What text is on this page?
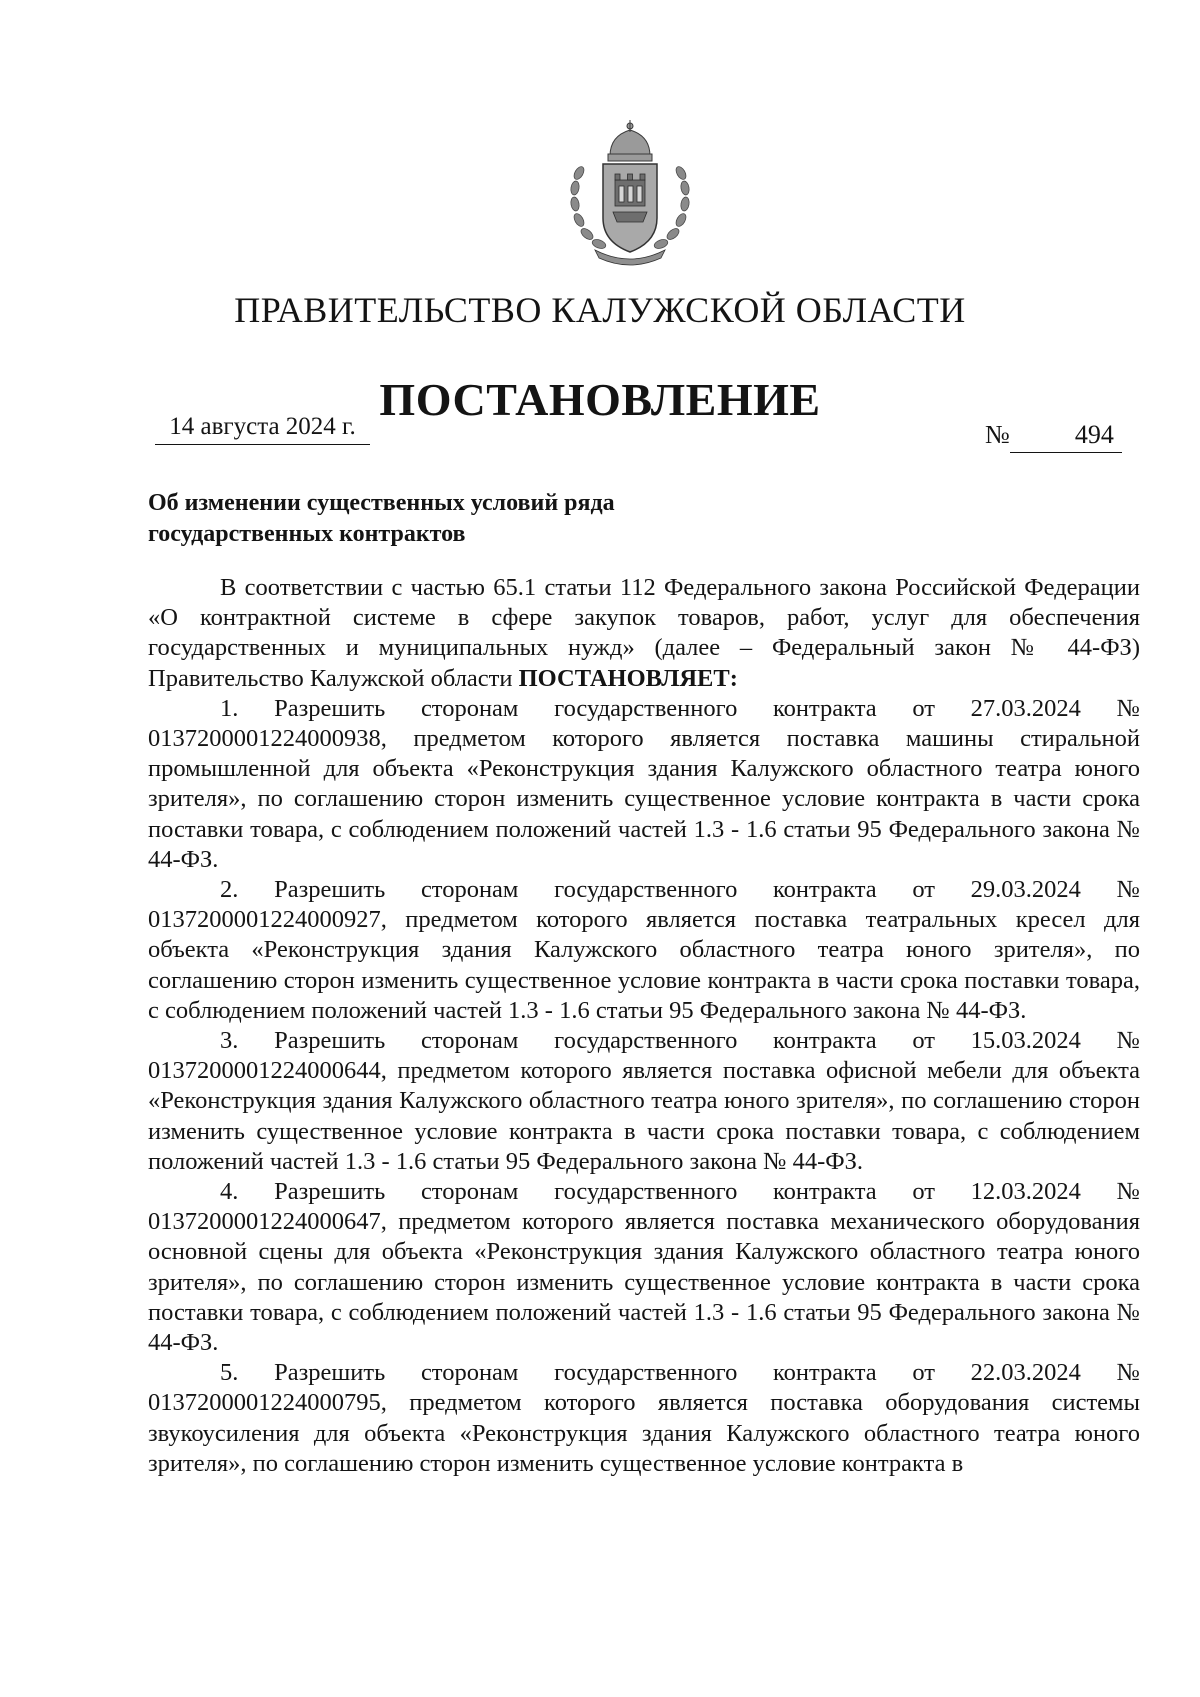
ПРАВИТЕЛЬСТВО КАЛУЖСКОЙ ОБЛАСТИ
ПОСТАНОВЛЕНИЕ
14 августа 2024 г.	№	494
Об изменении существенных условий ряда
государственных контрактов

В соответствии с частью 65.1 статьи 112 Федерального закона Российской Федерации «О контрактной системе в сфере закупок товаров, работ, услуг для обеспечения государственных и муниципальных нужд» (далее – Федеральный закон № 44-ФЗ) Правительство Калужской области ПОСТАНОВЛЯЕТ:

1. Разрешить сторонам государственного контракта от 27.03.2024 № 0137200001224000938, предметом которого является поставка машины стиральной промышленной для объекта «Реконструкция здания Калужского областного театра юного зрителя», по соглашению сторон изменить существенное условие контракта в части срока поставки товара, с соблюдением положений частей 1.3 - 1.6 статьи 95 Федерального закона № 44-ФЗ.

2. Разрешить сторонам государственного контракта от 29.03.2024 № 0137200001224000927, предметом которого является поставка театральных кресел для объекта «Реконструкция здания Калужского областного театра юного зрителя», по соглашению сторон изменить существенное условие контракта в части срока поставки товара, с соблюдением положений частей 1.3 - 1.6 статьи 95 Федерального закона № 44-ФЗ.

3. Разрешить сторонам государственного контракта от 15.03.2024 № 0137200001224000644, предметом которого является поставка офисной мебели для объекта «Реконструкция здания Калужского областного театра юного зрителя», по соглашению сторон изменить существенное условие контракта в части срока поставки товара, с соблюдением положений частей 1.3 - 1.6 статьи 95 Федерального закона № 44-ФЗ.

4. Разрешить сторонам государственного контракта от 12.03.2024 № 0137200001224000647, предметом которого является поставка механического оборудования основной сцены для объекта «Реконструкция здания Калужского областного театра юного зрителя», по соглашению сторон изменить существенное условие контракта в части срока поставки товара, с соблюдением положений частей 1.3 - 1.6 статьи 95 Федерального закона № 44-ФЗ.

5. Разрешить сторонам государственного контракта от 22.03.2024 № 0137200001224000795, предметом которого является поставка оборудования системы звукоусиления для объекта «Реконструкция здания Калужского областного театра юного зрителя», по соглашению сторон изменить существенное условие контракта в
